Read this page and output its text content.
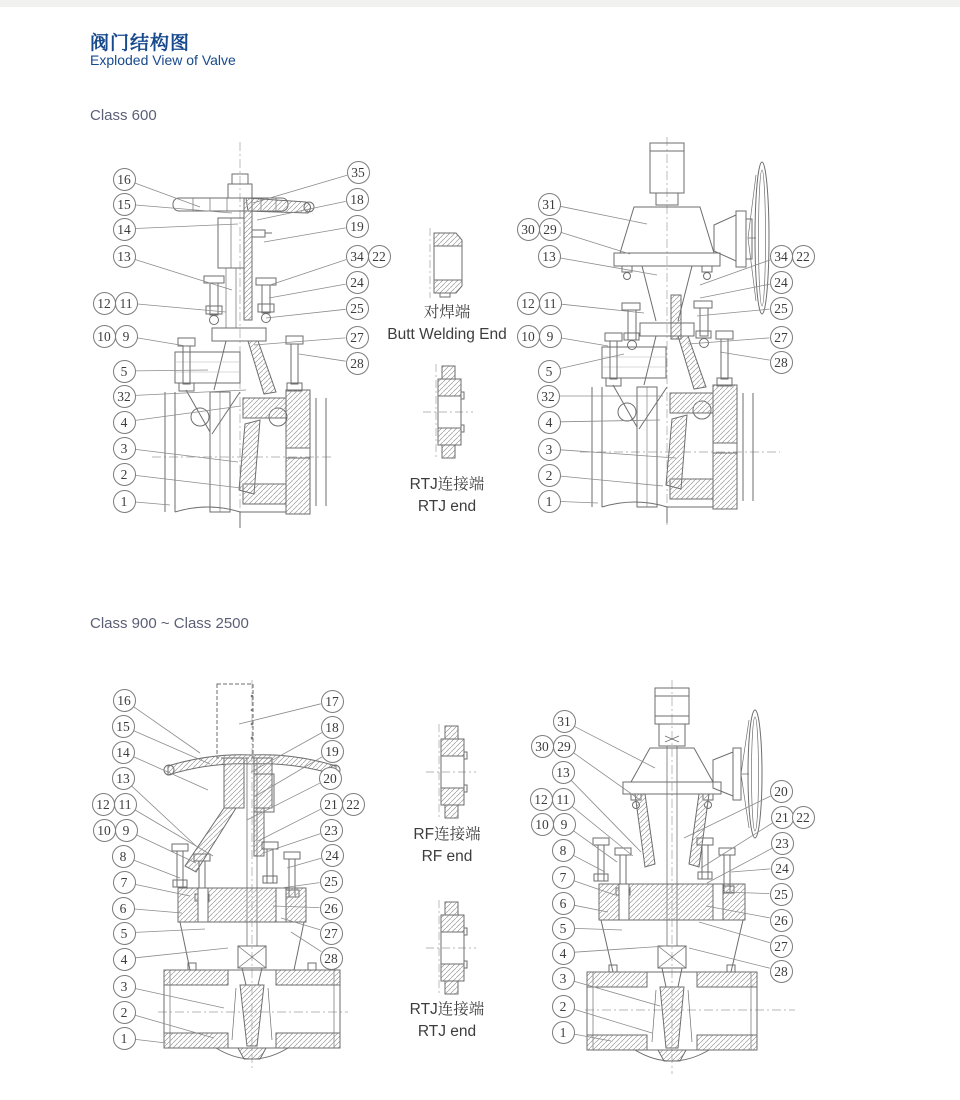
阀门结构图
Exploded View of Valve
Class 600
Class 900 ~ Class 2500
对焊端
Butt Welding End
RTJ连接端
RTJ end
RF连接端
RF end
RTJ连接端
RTJ end
16
15
14
13
12 11
10 9
5
32
4
3
2
1
35
18
19
34 22
24
25
27
28
31
30 29
13
12 11
10 9
5
32
4
3
2
1
34 22
24
25
27
28
16
15
14
13
12 11
10 9
8
7
6
5
4
3
2
1
17
18
19
20
21 22
23
24
25
26
27
28
31
30 29
13
12 11
10 9
8
7
6
5
4
3
2
1
20
21 22
23
24
25
26
27
28
